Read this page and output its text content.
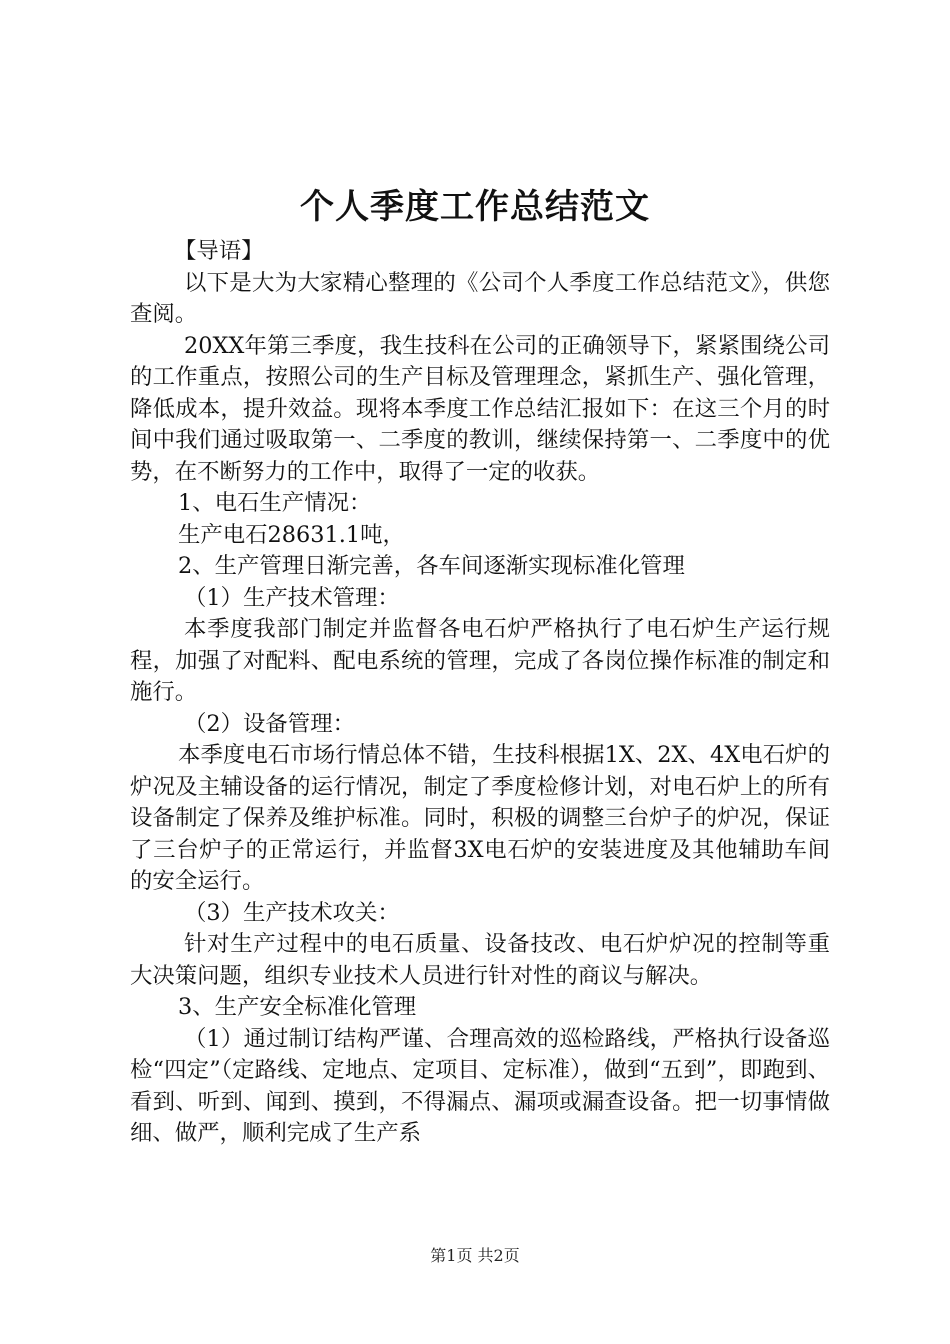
个人季度工作总结范文

【导语】

以下是大为大家精心整理的《公司个人季度工作总结范文》，供您查阅。

20XX年第三季度，我生技科在公司的正确领导下，紧紧围绕公司的工作重点，按照公司的生产目标及管理理念，紧抓生产、强化管理，降低成本，提升效益。现将本季度工作总结汇报如下：在这三个月的时间中我们通过吸取第一、二季度的教训，继续保持第一、二季度中的优势，在不断努力的工作中，取得了一定的收获。

1、电石生产情况：

生产电石28631.1吨，

2、生产管理日渐完善，各车间逐渐实现标准化管理

（1）生产技术管理：

本季度我部门制定并监督各电石炉严格执行了电石炉生产运行规程，加强了对配料、配电系统的管理，完成了各岗位操作标准的制定和施行。

（2）设备管理：

本季度电石市场行情总体不错，生技科根据1X、2X、4X电石炉的炉况及主辅设备的运行情况，制定了季度检修计划，对电石炉上的所有设备制定了保养及维护标准。同时，积极的调整三台炉子的炉况，保证了三台炉子的正常运行，并监督3X电石炉的安装进度及其他辅助车间的安全运行。

（3）生产技术攻关：

针对生产过程中的电石质量、设备技改、电石炉炉况的控制等重大决策问题，组织专业技术人员进行针对性的商议与解决。

3、生产安全标准化管理

（1）通过制订结构严谨、合理高效的巡检路线，严格执行设备巡检“四定”（定路线、定地点、定项目、定标准），做到“五到”，即跑到、看到、听到、闻到、摸到，不得漏点、漏项或漏查设备。把一切事情做细、做严，顺利完成了生产系

第1页 共2页
